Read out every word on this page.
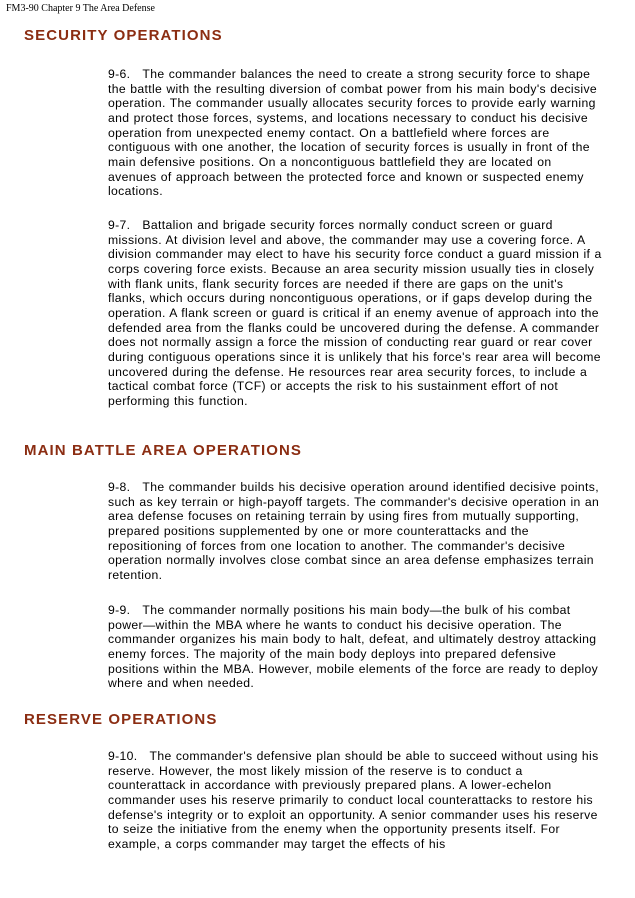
FM3-90 Chapter 9 The Area Defense
SECURITY OPERATIONS

9-6. The commander balances the need to create a strong security force to shape the battle with the resulting diversion of combat power from his main body's decisive operation. The commander usually allocates security forces to provide early warning and protect those forces, systems, and locations necessary to conduct his decisive operation from unexpected enemy contact. On a battlefield where forces are contiguous with one another, the location of security forces is usually in front of the main defensive positions. On a noncontiguous battlefield they are located on avenues of approach between the protected force and known or suspected enemy locations.

9-7. Battalion and brigade security forces normally conduct screen or guard missions. At division level and above, the commander may use a covering force. A division commander may elect to have his security force conduct a guard mission if a corps covering force exists. Because an area security mission usually ties in closely with flank units, flank security forces are needed if there are gaps on the unit's flanks, which occurs during noncontiguous operations, or if gaps develop during the operation. A flank screen or guard is critical if an enemy avenue of approach into the defended area from the flanks could be uncovered during the defense. A commander does not normally assign a force the mission of conducting rear guard or rear cover during contiguous operations since it is unlikely that his force's rear area will become uncovered during the defense. He resources rear area security forces, to include a tactical combat force (TCF) or accepts the risk to his sustainment effort of not performing this function.

MAIN BATTLE AREA OPERATIONS

9-8. The commander builds his decisive operation around identified decisive points, such as key terrain or high-payoff targets. The commander's decisive operation in an area defense focuses on retaining terrain by using fires from mutually supporting, prepared positions supplemented by one or more counterattacks and the repositioning of forces from one location to another. The commander's decisive operation normally involves close combat since an area defense emphasizes terrain retention.

9-9. The commander normally positions his main body—the bulk of his combat power—within the MBA where he wants to conduct his decisive operation. The commander organizes his main body to halt, defeat, and ultimately destroy attacking enemy forces. The majority of the main body deploys into prepared defensive positions within the MBA. However, mobile elements of the force are ready to deploy where and when needed.

RESERVE OPERATIONS

9-10. The commander's defensive plan should be able to succeed without using his reserve. However, the most likely mission of the reserve is to conduct a counterattack in accordance with previously prepared plans. A lower-echelon commander uses his reserve primarily to conduct local counterattacks to restore his defense's integrity or to exploit an opportunity. A senior commander uses his reserve to seize the initiative from the enemy when the opportunity presents itself. For example, a corps commander may target the effects of his
